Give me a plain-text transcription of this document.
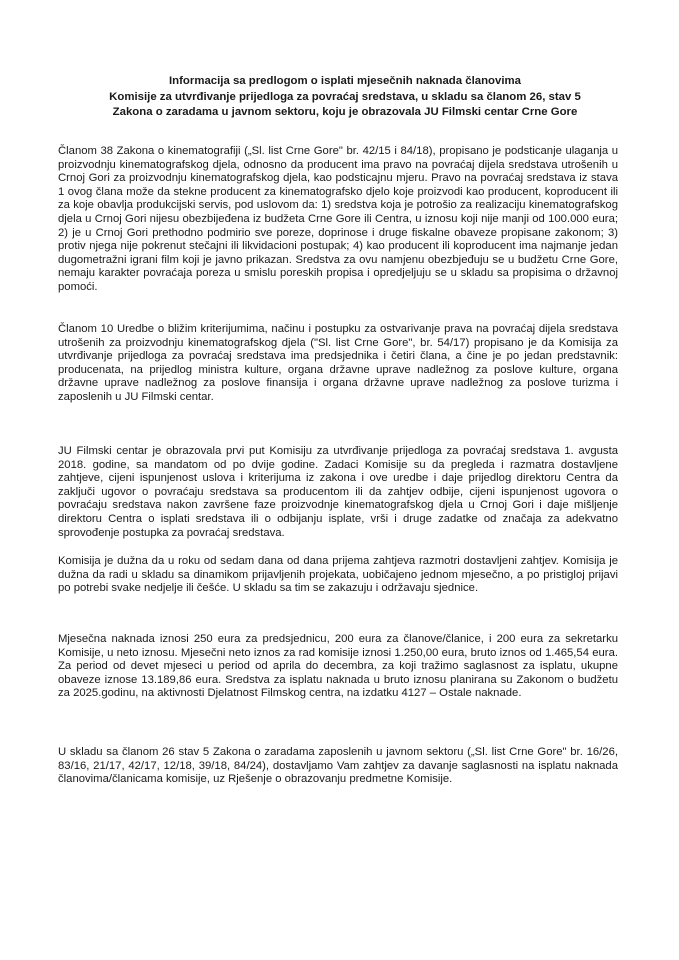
Informacija sa predlogom o isplati mjesečnih naknada članovima
Komisije za utvrđivanje prijedloga za povraćaj sredstava, u skladu sa članom 26, stav 5
Zakona o zaradama u javnom sektoru, koju je obrazovala JU Filmski centar Crne Gore

Članom 38 Zakona o kinematografiji („Sl. list Crne Gore" br. 42/15 i 84/18), propisano je podsticanje ulaganja u proizvodnju kinematografskog djela, odnosno da producent ima pravo na povraćaj dijela sredstava utrošenih u Crnoj Gori za proizvodnju kinematografskog djela, kao podsticajnu mjeru. Pravo na povraćaj sredstava iz stava 1 ovog člana može da stekne producent za kinematografsko djelo koje proizvodi kao producent, koproducent ili za koje obavlja produkcijski servis, pod uslovom da: 1) sredstva koja je potrošio za realizaciju kinematografskog djela u Crnoj Gori nijesu obezbijeđena iz budžeta Crne Gore ili Centra, u iznosu koji nije manji od 100.000 eura; 2) je u Crnoj Gori prethodno podmirio sve poreze, doprinose i druge fiskalne obaveze propisane zakonom; 3) protiv njega nije pokrenut stečajni ili likvidacioni postupak; 4) kao producent ili koproducent ima najmanje jedan dugometražni igrani film koji je javno prikazan. Sredstva za ovu namjenu obezbjeđuju se u budžetu Crne Gore, nemaju karakter povraćaja poreza u smislu poreskih propisa i opredjeljuju se u skladu sa propisima o državnoj pomoći.

Članom 10 Uredbe o bližim kriterijumima, načinu i postupku za ostvarivanje prava na povraćaj dijela sredstava utrošenih za proizvodnju kinematografskog djela ("Sl. list Crne Gore", br. 54/17) propisano je da Komisija za utvrđivanje prijedloga za povraćaj sredstava ima predsjednika i četiri člana, a čine je po jedan predstavnik: producenata, na prijedlog ministra kulture, organa državne uprave nadležnog za poslove kulture, organa državne uprave nadležnog za poslove finansija i organa državne uprave nadležnog za poslove turizma i zaposlenih u JU Filmski centar.

JU Filmski centar je obrazovala prvi put Komisiju za utvrđivanje prijedloga za povraćaj sredstava 1. avgusta 2018. godine, sa mandatom od po dvije godine. Zadaci Komisije su da pregleda i razmatra dostavljene zahtjeve, cijeni ispunjenost uslova i kriterijuma iz zakona i ove uredbe i daje prijedlog direktoru Centra da zaključi ugovor o povraćaju sredstava sa producentom ili da zahtjev odbije, cijeni ispunjenost ugovora o povraćaju sredstava nakon završene faze proizvodnje kinematografskog djela u Crnoj Gori i daje mišljenje direktoru Centra o isplati sredstava ili o odbijanju isplate, vrši i druge zadatke od značaja za adekvatno sprovođenje postupka za povraćaj sredstava.

Komisija je dužna da u roku od sedam dana od dana prijema zahtjeva razmotri dostavljeni zahtjev. Komisija je dužna da radi u skladu sa dinamikom prijavljenih projekata, uobičajeno jednom mjesečno, a po pristigloj prijavi po potrebi svake nedjelje ili češće. U skladu sa tim se zakazuju i održavaju sjednice.

Mjesečna naknada iznosi 250 eura za predsjednicu, 200 eura za članove/članice, i 200 eura za sekretarku Komisije, u neto iznosu. Mjesečni neto iznos za rad komisije iznosi 1.250,00 eura, bruto iznos od 1.465,54 eura. Za period od devet mjeseci u period od aprila do decembra, za koji tražimo saglasnost za isplatu, ukupne obaveze iznose 13.189,86 eura. Sredstva za isplatu naknada u bruto iznosu planirana su Zakonom o budžetu za 2025.godinu, na aktivnosti Djelatnost Filmskog centra, na izdatku 4127 – Ostale naknade.

U skladu sa članom 26 stav 5 Zakona o zaradama zaposlenih u javnom sektoru („Sl. list Crne Gore" br. 16/26, 83/16, 21/17, 42/17, 12/18, 39/18, 84/24), dostavljamo Vam zahtjev za davanje saglasnosti na isplatu naknada članovima/članicama komisije, uz Rješenje o obrazovanju predmetne Komisije.
